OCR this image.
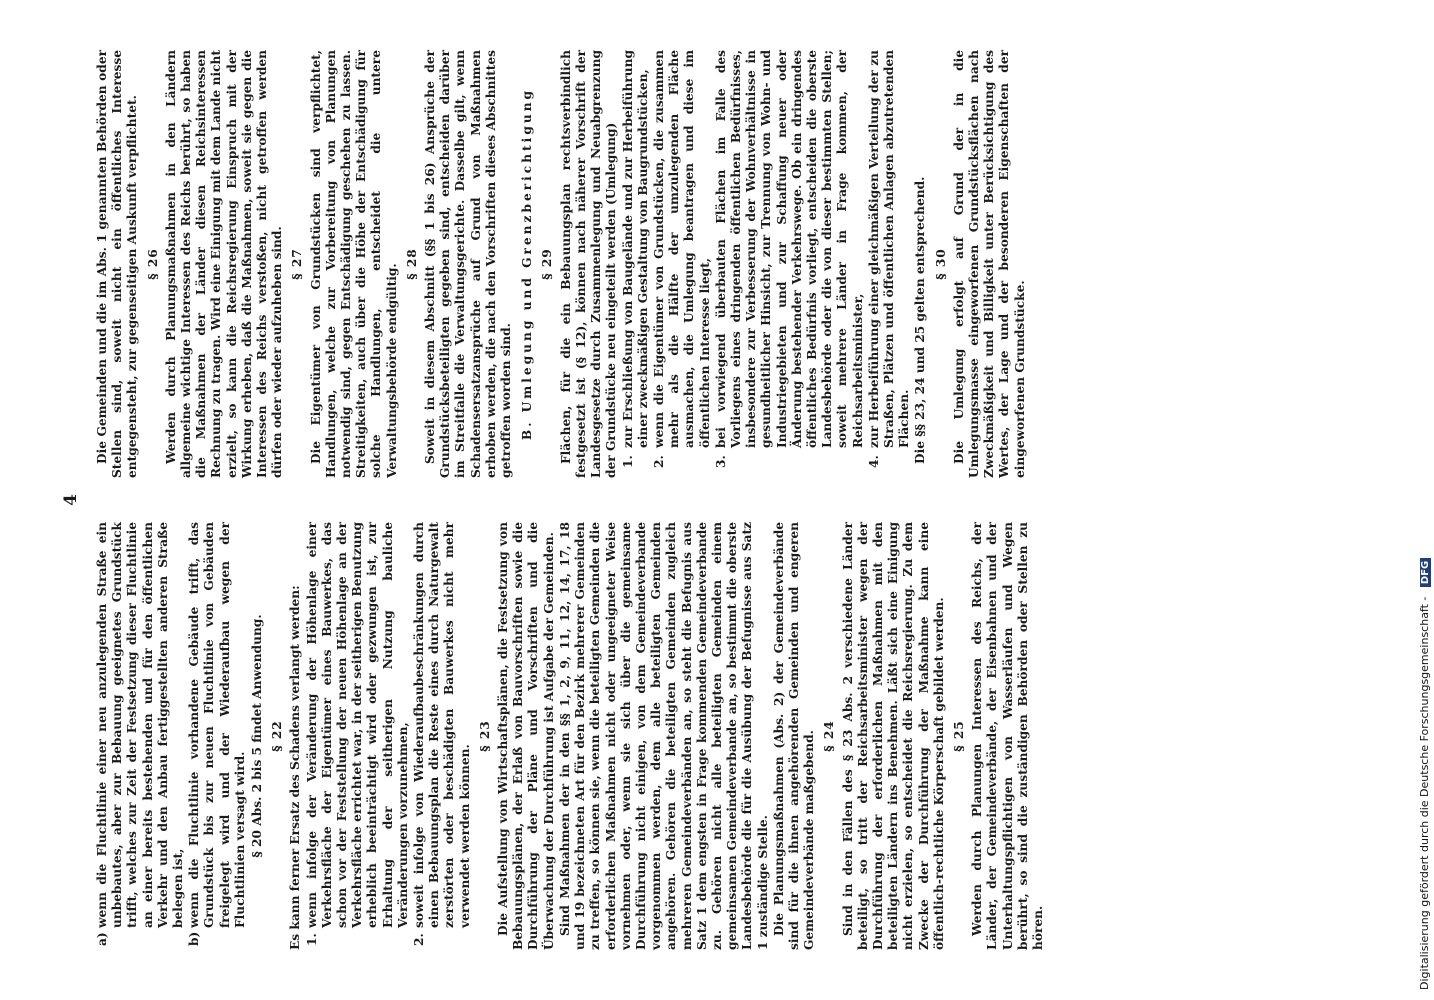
4
a)
wenn die Fluchtlinie einer neu anzulegenden Straße ein unbebautes, aber zur Bebauung geeignetes Grundstück trifft, welches zur Zeit der Festsetzung dieser Fluchtlinie an einer bereits bestehenden und für den öffentlichen Verkehr und den Anbau fertiggestellten anderen Straße belegen ist,
b)
wenn die Fluchtlinie vorhandene Gebäude trifft, das Grundstück bis zur neuen Fluchtlinie von Gebäuden freigelegt wird und der Wiederaufbau wegen der Fluchtlinien versagt wird. § 20 Abs. 2 bis 5 findet Anwendung. § 22 Es kann ferner Ersatz des Schadens verlangt werden: 1.
wenn infolge der Veränderung der Höhenlage einer Verkehrsfläche der Eigentümer eines Bauwerkes, das schon vor der Feststellung der neuen Höhenlage an der Verkehrsfläche errichtet war, in der seitherigen Benutzung erheblich beeinträchtigt wird oder gezwungen ist, zur Erhaltung der seitherigen Nutzung bauliche Veränderungen vorzunehmen,
2.
soweit infolge von Wiederaufbaubeschränkungen durch einen Bebauungsplan die Reste eines durch Naturgewalt zerstörten oder beschädigten Bauwerkes nicht mehr verwendet werden können.
§ 23 Die Aufstellung von Wirtschaftsplänen, die Festsetzung von Bebauungsplänen, der Erlaß von Bauvorschriften sowie die Durchführung der Pläne und Vorschriften und die Überwachung der Durchführung ist Aufgabe der Gemeinden. Sind Maßnahmen der in den §§ 1, 2, 9, 11, 12, 14, 17, 18 und 19 bezeichneten Art für den Bezirk mehrerer Gemeinden zu treffen, so können sie, wenn die beteiligten Gemeinden die erforderlichen Maßnahmen nicht oder ungeeigneter Weise vornehmen oder, wenn sie sich über die gemeinsame Durchführung nicht einigen, von dem Gemeindeverbande vorgenommen werden, dem alle beteiligten Gemeinden angehören. Gehören die beteiligten Gemeinden zugleich mehreren Gemeindeverbänden an, so steht die Befugnis aus Satz 1 dem engsten in Frage kommenden Gemeindeverbande zu. Gehören nicht alle beteiligten Gemeinden einem gemeinsamen Gemeindeverbande an, so bestimmt die oberste Landesbehörde die für die Ausübung der Befugnisse aus Satz 1 zuständige Stelle. Die Planungsmaßnahmen (Abs. 2) der Gemeindeverbände sind für die ihnen angehörenden Gemeinden und engeren Gemeindeverbände maßgebend. § 24 Sind in den Fällen des § 23 Abs. 2 verschiedene Länder beteiligt, so tritt der Reichsarbeitsminister wegen der Durchführung der erforderlichen Maßnahmen mit den beteiligten Ländern ins Benehmen. Läßt sich eine Einigung nicht erzielen, so entscheidet die Reichsregierung. Zu dem Zwecke der Durchführung der Maßnahme kann eine öffentlich-rechtliche Körperschaft gebildet werden. § 25 Werden durch Planungen Interessen des Reichs, der Länder, der Gemeindeverbände, der Eisenbahnen und der Unterhaltungspflichtigen von Wasserläufen und Wegen berührt, so sind die zuständigen Behörden oder Stellen zu hören.

Die Gemeinden und die im Abs. 1 genannten Behörden oder Stellen sind, soweit nicht ein öffentliches Interesse entgegensteht, zur gegenseitigen Auskunft verpflichtet. § 26 Werden durch Planungsmaßnahmen in den Ländern allgemeine wichtige Interessen des Reichs berührt, so haben die Maßnahmen der Länder diesen Reichsinteressen Rechnung zu tragen. Wird eine Einigung mit dem Lande nicht erzielt, so kann die Reichsregierung Einspruch mit der Wirkung erheben, daß die Maßnahmen, soweit sie gegen die Interessen des Reichs verstoßen, nicht getroffen werden dürfen oder wieder aufzuheben sind. § 27 Die Eigentümer von Grundstücken sind verpflichtet, Handlungen, welche zur Vorbereitung von Planungen notwendig sind, gegen Entschädigung geschehen zu lassen. Streitigkeiten, auch über die Höhe der Entschädigung für solche Handlungen, entscheidet die untere Verwaltungsbehörde endgültig. § 28 Soweit in diesem Abschnitt (§§ 1 bis 26) Ansprüche der Grundstücksbeteiligten gegeben sind, entscheiden darüber im Streitfalle die Verwaltungsgerichte. Dasselbe gilt, wenn Schadensersatzansprüche auf Grund von Maßnahmen erhoben werden, die nach den Vorschriften dieses Abschnittes getroffen worden sind. B. Umlegung und Grenzberichtigung § 29 Flächen, für die ein Bebauungsplan rechtsverbindlich festgesetzt ist (§ 12), können nach näherer Vorschrift der Landesgesetze durch Zusammenlegung und Neuabgrenzung der Grundstücke neu eingeteilt werden (Umlegung) 1.
zur Erschließung von Baugelände und zur Herbeiführung einer zweckmäßigen Gestaltung von Baugrundstücken,
2.
wenn die Eigentümer von Grundstücken, die zusammen mehr als die Hälfte der umzulegenden Fläche ausmachen, die Umlegung beantragen und diese im öffentlichen Interesse liegt,
3.
bei vorwiegend überbauten Flächen im Falle des Vorliegens eines dringenden öffentlichen Bedürfnisses, insbesondere zur Verbesserung der Wohnverhältnisse in gesundheitlicher Hinsicht, zur Trennung von Wohn- und Industriegebieten und zur Schaffung neuer oder Änderung bestehender Verkehrswege. Ob ein dringendes öffentliches Bedürfnis vorliegt, entscheiden die oberste Landesbehörde oder die von dieser bestimmten Stellen; soweit mehrere Länder in Frage kommen, der Reichsarbeitsminister,
4.
zur Herbeiführung einer gleichmäßigen Verteilung der zu Straßen, Plätzen und öffentlichen Anlagen abzutretenden Flächen. Die §§ 23, 24 und 25 gelten entsprechend. § 30 Die Umlegung erfolgt auf Grund der in die Umlegungsmasse eingeworfenen Grundstücksflächen nach Zweckmäßigkeit und Billigkeit unter Berücksichtigung des Wertes, der Lage und der besonderen Eigenschaften der eingeworfenen Grundstücke.

Digitalisierung gefördert durch die Deutsche Forschungsgemeinschaft - DFG
